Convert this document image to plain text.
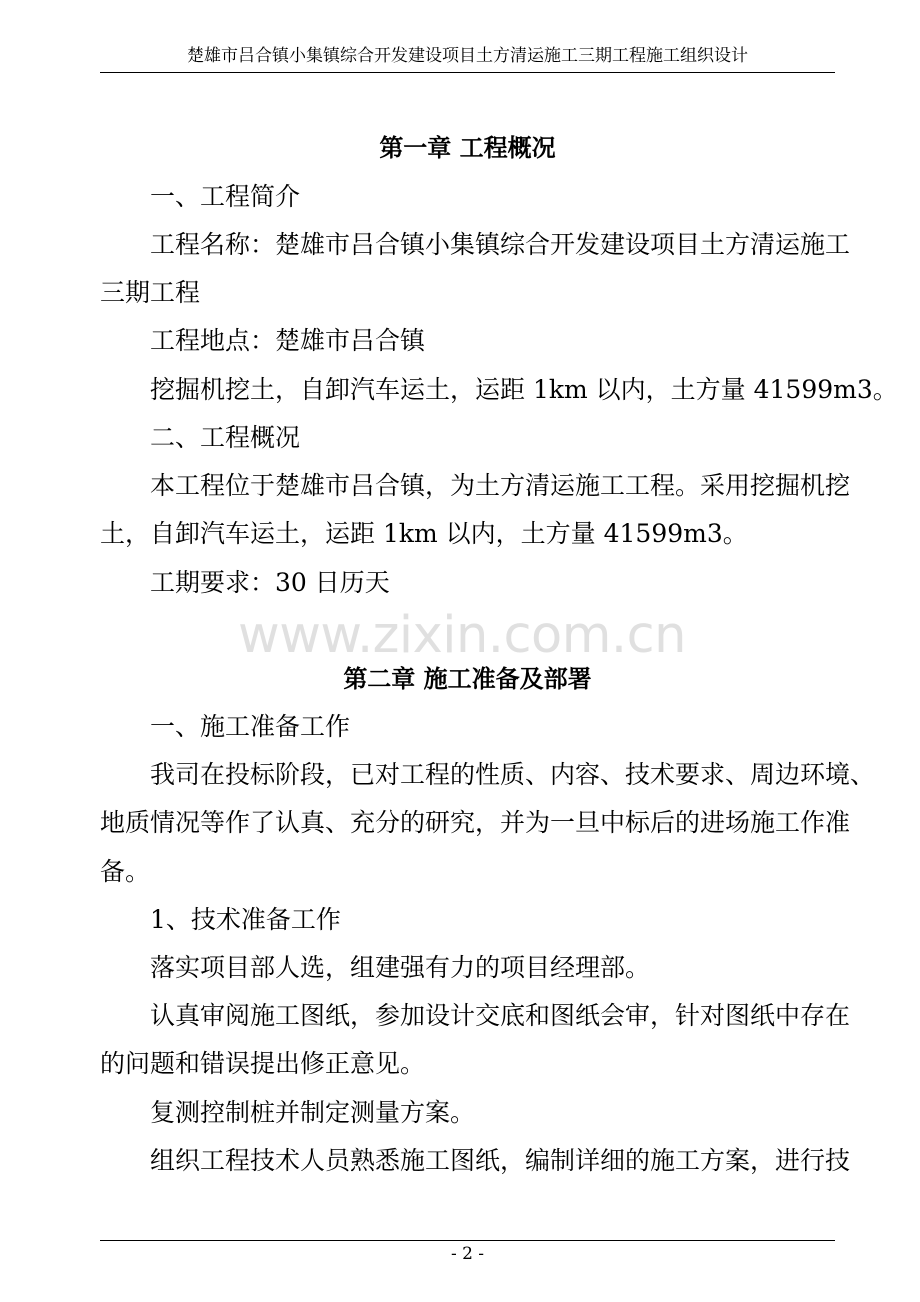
楚雄市吕合镇小集镇综合开发建设项目土方清运施工三期工程施工组织设计
第一章 工程概况
一、工程简介
工程名称：楚雄市吕合镇小集镇综合开发建设项目土方清运施工
三期工程
工程地点：楚雄市吕合镇
挖掘机挖土，自卸汽车运土，运距 1km 以内，土方量 41599m3。
二、工程概况
本工程位于楚雄市吕合镇，为土方清运施工工程。采用挖掘机挖
土，自卸汽车运土，运距 1km 以内，土方量 41599m3。
工期要求：30 日历天
www.zixin.com.cn
第二章 施工准备及部署
一、施工准备工作
我司在投标阶段，已对工程的性质、内容、技术要求、周边环境、
地质情况等作了认真、充分的研究，并为一旦中标后的进场施工作准
备。
1、技术准备工作
落实项目部人选，组建强有力的项目经理部。
认真审阅施工图纸，参加设计交底和图纸会审，针对图纸中存在
的问题和错误提出修正意见。
复测控制桩并制定测量方案。
组织工程技术人员熟悉施工图纸，编制详细的施工方案，进行技
- 2 -
